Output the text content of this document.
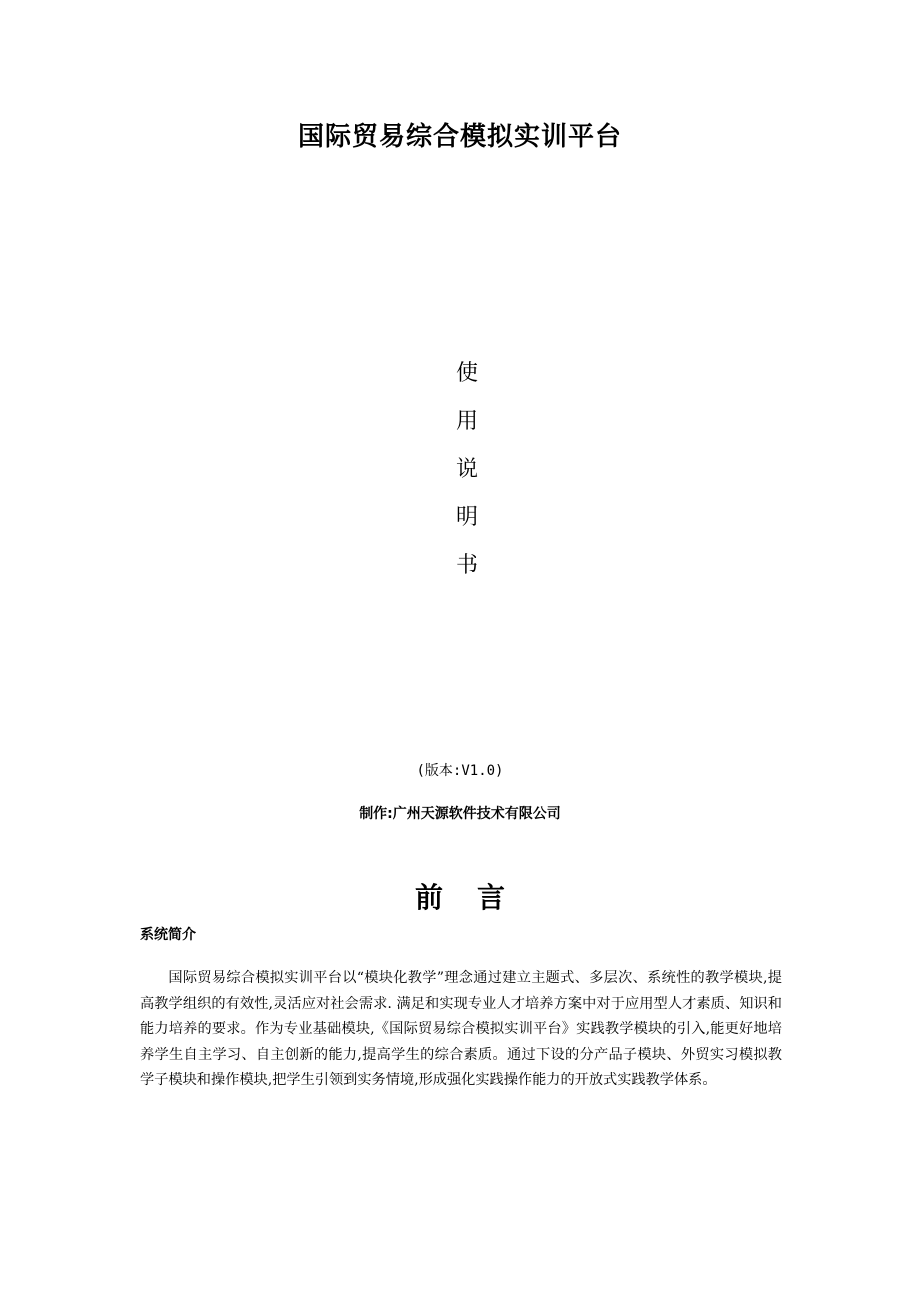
国际贸易综合模拟实训平台
使
用
说
明
书
(版本:V1.0)
制作:广州天源软件技术有限公司
前言
系统简介

国际贸易综合模拟实训平台以“模块化教学”理念通过建立主题式、多层次、系统性的教学模块,提高教学组织的有效性,灵活应对社会需求. 满足和实现专业人才培养方案中对于应用型人才素质、知识和能力培养的要求。作为专业基础模块,《国际贸易综合模拟实训平台》实践教学模块的引入,能更好地培养学生自主学习、自主创新的能力,提高学生的综合素质。通过下设的分产品子模块、外贸实习模拟教学子模块和操作模块,把学生引领到实务情境,形成强化实践操作能力的开放式实践教学体系。
